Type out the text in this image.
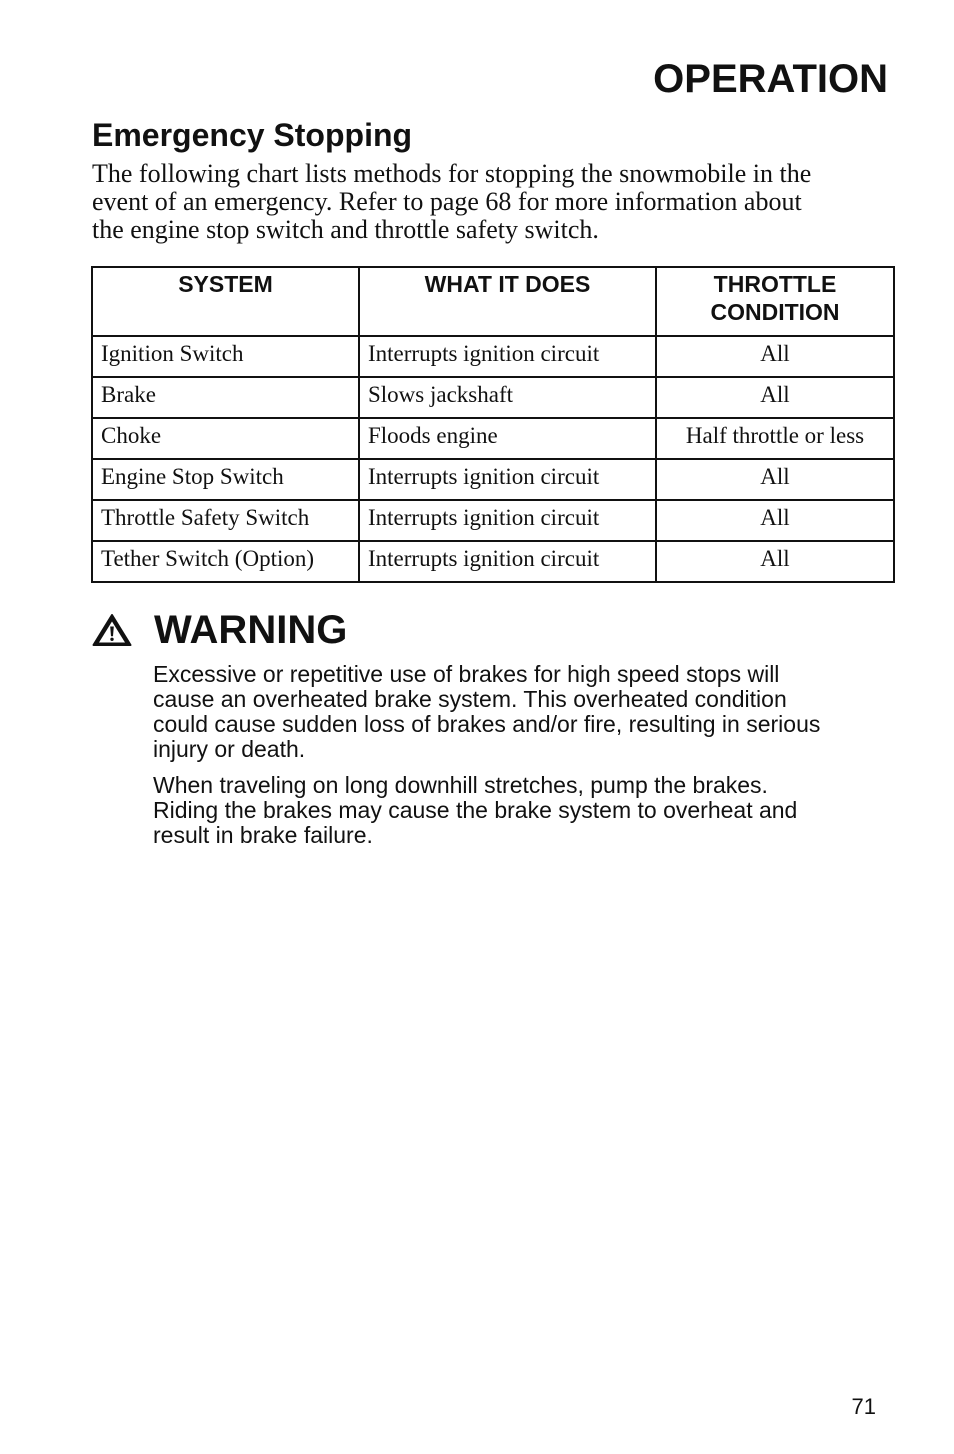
OPERATION
Emergency Stopping

The following chart lists methods for stopping the snowmobile in the
event of an emergency. Refer to page 68 for more information about
the engine stop switch and throttle safety switch.

SYSTEM	WHAT IT DOES	THROTTLE CONDITION
Ignition Switch	Interrupts ignition circuit	All
Brake	Slows jackshaft	All
Choke	Floods engine	Half throttle or less
Engine Stop Switch	Interrupts ignition circuit	All
Throttle Safety Switch	Interrupts ignition circuit	All
Tether Switch (Option)	Interrupts ignition circuit	All
WARNING

Excessive or repetitive use of brakes for high speed stops will
cause an overheated brake system. This overheated condition
could cause sudden loss of brakes and/or fire, resulting in serious
injury or death.

When traveling on long downhill stretches, pump the brakes.
Riding the brakes may cause the brake system to overheat and
result in brake failure.

71
